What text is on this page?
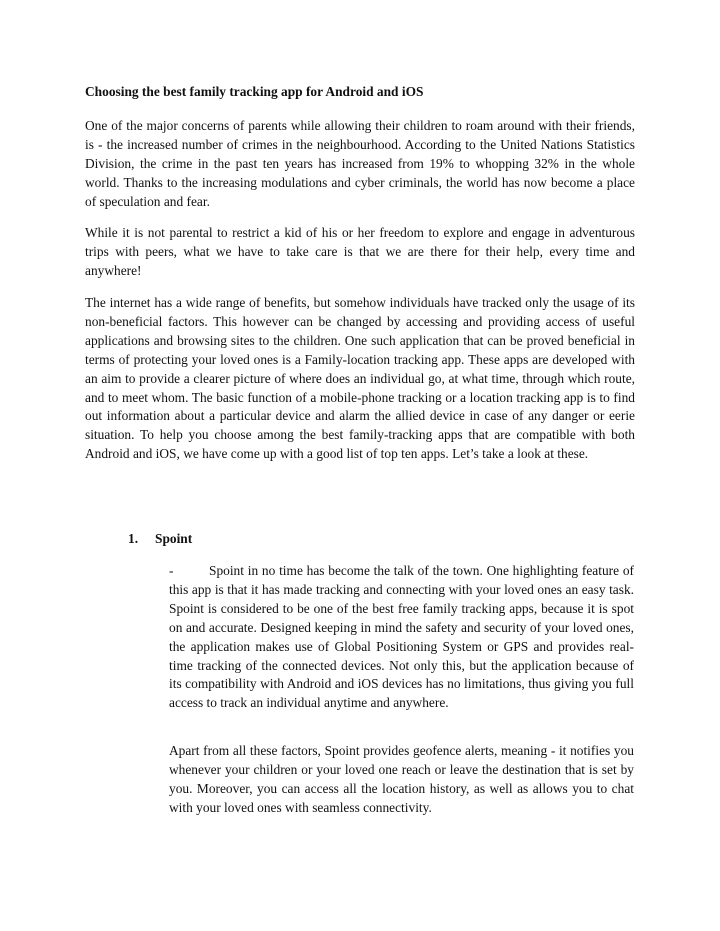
Choosing the best family tracking app for Android and iOS

One of the major concerns of parents while allowing their children to roam around with their friends, is - the increased number of crimes in the neighbourhood. According to the United Nations Statistics Division, the crime in the past ten years has increased from 19% to whopping 32% in the whole world. Thanks to the increasing modulations and cyber criminals, the world has now become a place of speculation and fear.

While it is not parental to restrict a kid of his or her freedom to explore and engage in adventurous trips with peers, what we have to take care is that we are there for their help, every time and anywhere!

The internet has a wide range of benefits, but somehow individuals have tracked only the usage of its non-beneficial factors. This however can be changed by accessing and providing access of useful applications and browsing sites to the children. One such application that can be proved beneficial in terms of protecting your loved ones is a Family-location tracking app. These apps are developed with an aim to provide a clearer picture of where does an individual go, at what time, through which route, and to meet whom. The basic function of a mobile-phone tracking or a location tracking app is to find out information about a particular device and alarm the allied device in case of any danger or eerie situation. To help you choose among the best family-tracking apps that are compatible with both Android and iOS, we have come up with a good list of top ten apps. Let’s take a look at these.

1. Spoint

-	Spoint in no time has become the talk of the town. One highlighting feature of this app is that it has made tracking and connecting with your loved ones an easy task. Spoint is considered to be one of the best free family tracking apps, because it is spot on and accurate. Designed keeping in mind the safety and security of your loved ones, the application makes use of Global Positioning System or GPS and provides real-time tracking of the connected devices. Not only this, but the application because of its compatibility with Android and iOS devices has no limitations, thus giving you full access to track an individual anytime and anywhere.

Apart from all these factors, Spoint provides geofence alerts, meaning - it notifies you whenever your children or your loved one reach or leave the destination that is set by you. Moreover, you can access all the location history, as well as allows you to chat with your loved ones with seamless connectivity.
